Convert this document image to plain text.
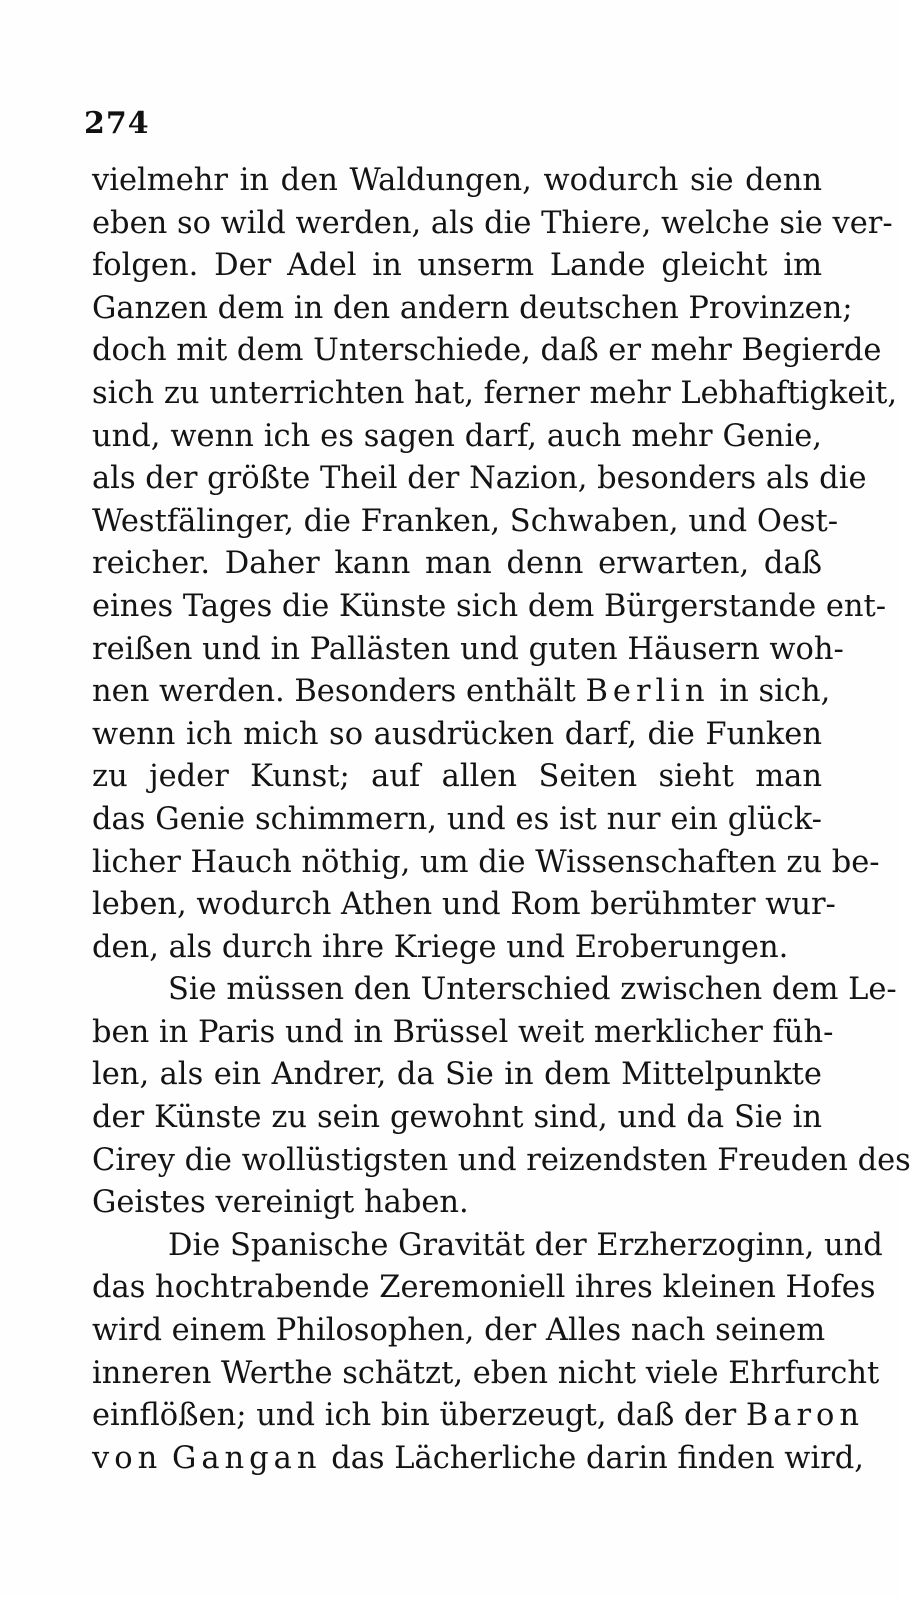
274
vielmehr in den Waldungen, wodurch sie denn
eben so wild werden, als die Thiere, welche sie ver-
folgen. Der Adel in unserm Lande gleicht im
Ganzen dem in den andern deutschen Provinzen;
doch mit dem Unterschiede, daß er mehr Begierde
sich zu unterrichten hat, ferner mehr Lebhaftigkeit,
und, wenn ich es sagen darf, auch mehr Genie,
als der größte Theil der Nazion, besonders als die
Westfälinger, die Franken, Schwaben, und Oest-
reicher. Daher kann man denn erwarten, daß
eines Tages die Künste sich dem Bürgerstande ent-
reißen und in Pallästen und guten Häusern woh-
nen werden. Besonders enthält Berlin in sich,
wenn ich mich so ausdrücken darf, die Funken
zu jeder Kunst; auf allen Seiten sieht man
das Genie schimmern, und es ist nur ein glück-
licher Hauch nöthig, um die Wissenschaften zu be-
leben, wodurch Athen und Rom berühmter wur-
den, als durch ihre Kriege und Eroberungen.
Sie müssen den Unterschied zwischen dem Le-
ben in Paris und in Brüssel weit merklicher füh-
len, als ein Andrer, da Sie in dem Mittelpunkte
der Künste zu sein gewohnt sind, und da Sie in
Cirey die wollüstigsten und reizendsten Freuden des
Geistes vereinigt haben.
Die Spanische Gravität der Erzherzoginn, und
das hochtrabende Zeremoniell ihres kleinen Hofes
wird einem Philosophen, der Alles nach seinem
inneren Werthe schätzt, eben nicht viele Ehrfurcht
einflößen; und ich bin überzeugt, daß der Baron
von Gangan das Lächerliche darin finden wird,
